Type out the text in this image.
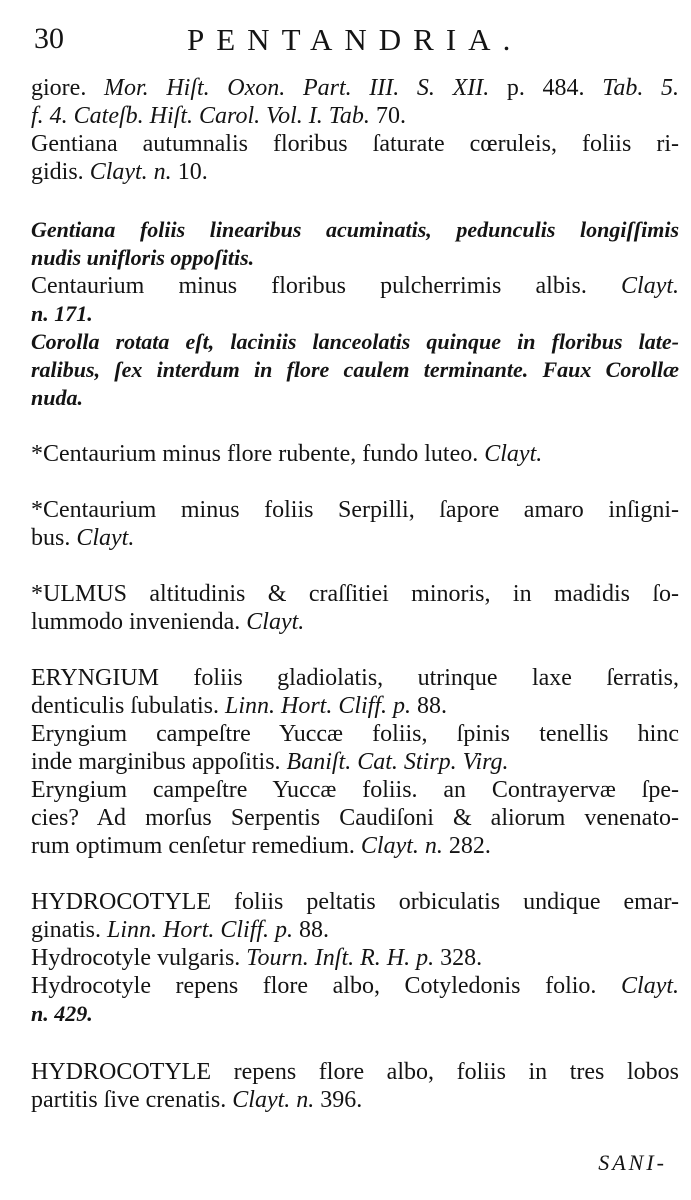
30	PENTANDRIA.
giore. Mor. Hiſt. Oxon. Part. III. S. XII. p. 484. Tab. 5.
f. 4. Cateſb. Hiſt. Carol. Vol. I. Tab. 70.
Gentiana autumnalis floribus ſaturate cœruleis, foliis ri-
gidis. Clayt. n. 10.
Gentiana foliis linearibus acuminatis, pedunculis longiſſimis
nudis unifloris oppoſitis.
Centaurium minus floribus pulcherrimis albis. Clayt.
n. 171.
Corolla rotata eſt, laciniis lanceolatis quinque in floribus late-
ralibus, ſex interdum in flore caulem terminante. Faux Corollæ
nuda.
*Centaurium minus flore rubente, fundo luteo. Clayt.
*Centaurium minus foliis Serpilli, ſapore amaro inſigni-
bus. Clayt.
*ULMUS altitudinis & craſſitiei minoris, in madidis ſo-
lummodo invenienda. Clayt.
ERYNGIUM foliis gladiolatis, utrinque laxe ſerratis,
denticulis ſubulatis. Linn. Hort. Cliff. p. 88.
Eryngium campeſtre Yuccæ foliis, ſpinis tenellis hinc
inde marginibus appoſitis. Baniſt. Cat. Stirp. Virg.
Eryngium campeſtre Yuccæ foliis. an Contrayervæ ſpe-
cies? Ad morſus Serpentis Caudiſoni & aliorum venenato-
rum optimum cenſetur remedium. Clayt. n. 282.
HYDROCOTYLE foliis peltatis orbiculatis undique emar-
ginatis. Linn. Hort. Cliff. p. 88.
Hydrocotyle vulgaris. Tourn. Inſt. R. H. p. 328.
Hydrocotyle repens flore albo, Cotyledonis folio. Clayt.
n. 429.
HYDROCOTYLE repens flore albo, foliis in tres lobos
partitis ſive crenatis. Clayt. n. 396.
SANI-
